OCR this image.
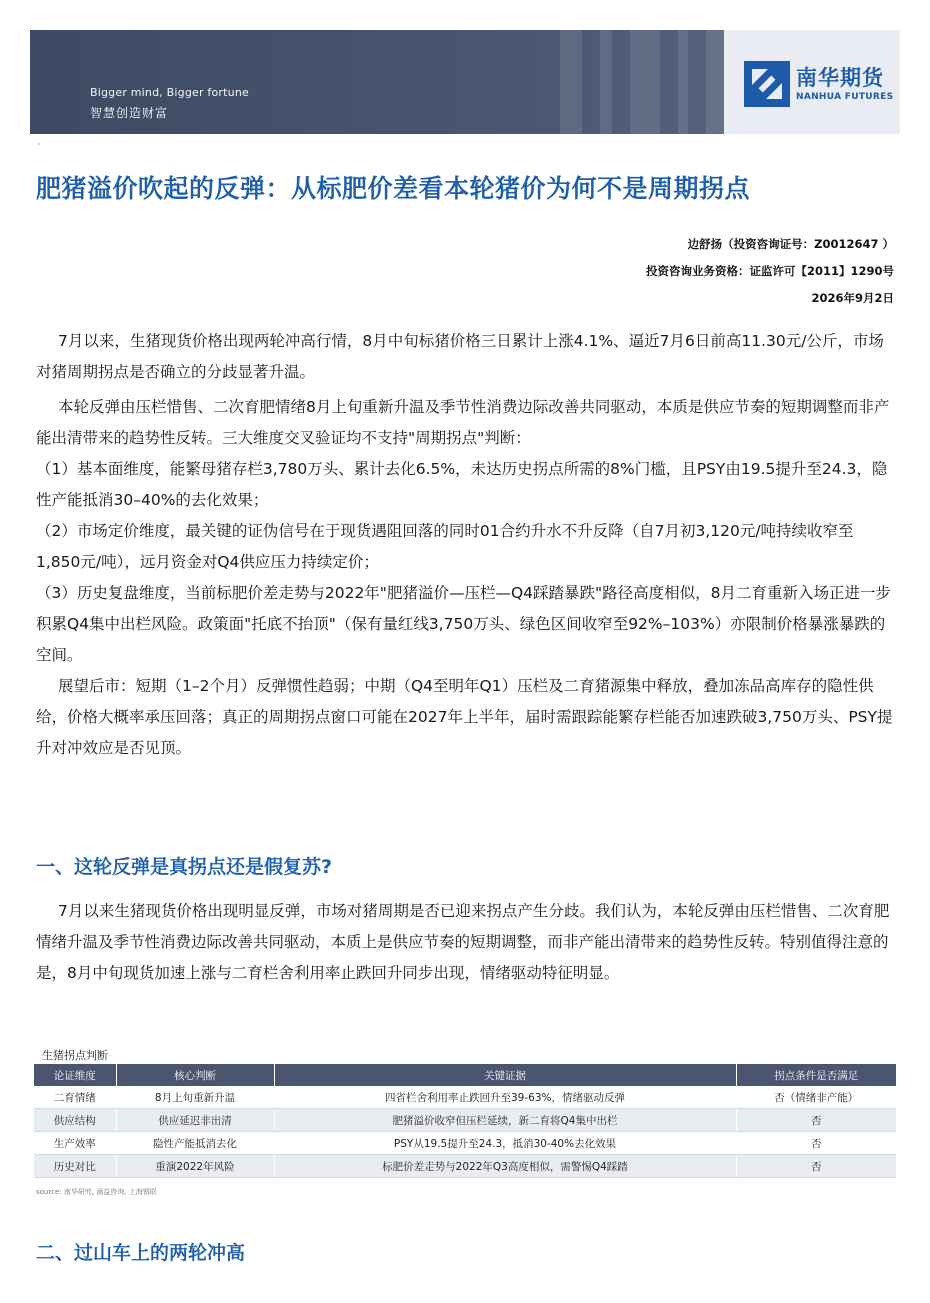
Bigger mind, Bigger fortune
智慧创造财富
南华期货
NANHUA FUTURES
·
肥猪溢价吹起的反弹：从标肥价差看本轮猪价为何不是周期拐点
边舒扬（投资咨询证号：Z0012647 ）
投资咨询业务资格：证监许可【2011】1290号
2026年9月2日

7月以来，生猪现货价格出现两轮冲高行情，8月中旬标猪价格三日累计上涨4.1%、逼近7月6日前高11.30元/公斤，市场对猪周期拐点是否确立的分歧显著升温。

本轮反弹由压栏惜售、二次育肥情绪8月上旬重新升温及季节性消费边际改善共同驱动，本质是供应节奏的短期调整而非产能出清带来的趋势性反转。三大维度交叉验证均不支持"周期拐点"判断：

（1）基本面维度，能繁母猪存栏3,780万头、累计去化6.5%，未达历史拐点所需的8%门槛，且PSY由19.5提升至24.3，隐性产能抵消30–40%的去化效果；

（2）市场定价维度，最关键的证伪信号在于现货遇阻回落的同时01合约升水不升反降（自7月初3,120元/吨持续收窄至1,850元/吨），远月资金对Q4供应压力持续定价；

（3）历史复盘维度，当前标肥价差走势与2022年"肥猪溢价—压栏—Q4踩踏暴跌"路径高度相似，8月二育重新入场正进一步积累Q4集中出栏风险。政策面"托底不抬顶"（保有量红线3,750万头、绿色区间收窄至92%–103%）亦限制价格暴涨暴跌的空间。

展望后市：短期（1–2个月）反弹惯性趋弱；中期（Q4至明年Q1）压栏及二育猪源集中释放，叠加冻品高库存的隐性供给，价格大概率承压回落；真正的周期拐点窗口可能在2027年上半年，届时需跟踪能繁存栏能否加速跌破3,750万头、PSY提升对冲效应是否见顶。

一、这轮反弹是真拐点还是假复苏?

7月以来生猪现货价格出现明显反弹，市场对猪周期是否已迎来拐点产生分歧。我们认为，本轮反弹由压栏惜售、二次育肥情绪升温及季节性消费边际改善共同驱动，本质上是供应节奏的短期调整，而非产能出清带来的趋势性反转。特别值得注意的是，8月中旬现货加速上涨与二育栏舍利用率止跌回升同步出现，情绪驱动特征明显。

生猪拐点判断
论证维度	核心判断	关键证据	拐点条件是否满足
二育情绪	8月上旬重新升温	四省栏舍利用率止跌回升至39-63%，情绪驱动反弹	否（情绪非产能）
供应结构	供应延迟非出清	肥猪溢价收窄但压栏延续，新二育将Q4集中出栏	否
生产效率	隐性产能抵消去化	PSY从19.5提升至24.3，抵消30-40%去化效果	否
历史对比	重演2022年风险	标肥价差走势与2022年Q3高度相似，需警惕Q4踩踏	否
source: 南华研究, 涌益咨询, 上海钢联
二、过山车上的两轮冲高
